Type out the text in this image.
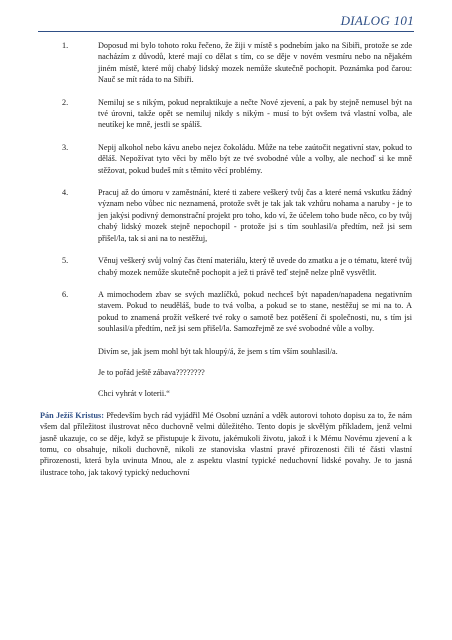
DIALOG 101
1.	Doposud mi bylo tohoto roku řečeno, že žiji v místě s podnebím jako na Sibiři, protože se zde nacházím z důvodů, které mají co dělat s tím, co se děje v novém vesmíru nebo na nějakém jiném místě, které můj chabý lidský mozek nemůže skutečně pochopit. Poznámka pod čarou: Nauč se mít ráda to na Sibiři.
2.	Nemiluj se s nikým, pokud nepraktikuje a nečte Nové zjevení, a pak by stejně nemusel být na tvé úrovni, takže opět se nemiluj nikdy s nikým - musí to být ovšem tvá vlastní volba, ale neutíkej ke mně, jestli se spálíš.
3.	Nepij alkohol nebo kávu anebo nejez čokoládu. Může na tebe zaútočit negativní stav, pokud to děláš. Nepožívat tyto věci by mělo být ze tvé svobodné vůle a volby, ale nechoď si ke mně stěžovat, pokud budeš mít s těmito věcí problémy.
4.	Pracuj až do úmoru v zaměstnání, které ti zabere veškerý tvůj čas a které nemá vskutku žádný význam nebo vůbec nic neznamená, protože svět je tak jak tak vzhůru nohama a naruby - je to jen jakýsi podivný demonstrační projekt pro toho, kdo ví, že účelem toho bude něco, co by tvůj chabý lidský mozek stejně nepochopil - protože jsi s tím souhlasil/a předtím, než jsi sem přišel/la, tak si ani na to nestěžuj,
5.	Věnuj veškerý svůj volný čas čtení materiálu, který tě uvede do zmatku a je o tématu, které tvůj chabý mozek nemůže skutečně pochopit a jež ti právě teď stejně nelze plně vysvětlit.
6.	A mimochodem zbav se svých mazlíčků, pokud nechceš být napaden/napadena negativním stavem. Pokud to neuděláš, bude to tvá volba, a pokud se to stane, nestěžuj se mi na to. A pokud to znamená prožít veškeré tvé roky o samotě bez potěšení či společnosti, nu, s tím jsi souhlasil/a předtím, než jsi sem přišel/la. Samozřejmě ze své svobodné vůle a volby.

Divím se, jak jsem mohl být tak hloupý/á, že jsem s tím vším souhlasil/a.

Je to pořád ještě zábava????????

Chci vyhrát v loterii.“

Pán Ježíš Kristus: Především bych rád vyjádřil Mé Osobní uznání a vděk autorovi tohoto dopisu za to, že nám všem dal příležitost ilustrovat něco duchovně velmi důležitého. Tento dopis je skvělým příkladem, jenž velmi jasně ukazuje, co se děje, když se přistupuje k životu, jakémukoli životu, jakož i k Mému Novému zjevení a k tomu, co obsahuje, nikoli duchovně, nikoli ze stanoviska vlastní pravé přirozenosti čili té části vlastní přirozenosti, která byla uvinuta Mnou, ale z aspektu vlastní typické neduchovní lidské povahy. Je to jasná ilustrace toho, jak takový typický neduchovní
